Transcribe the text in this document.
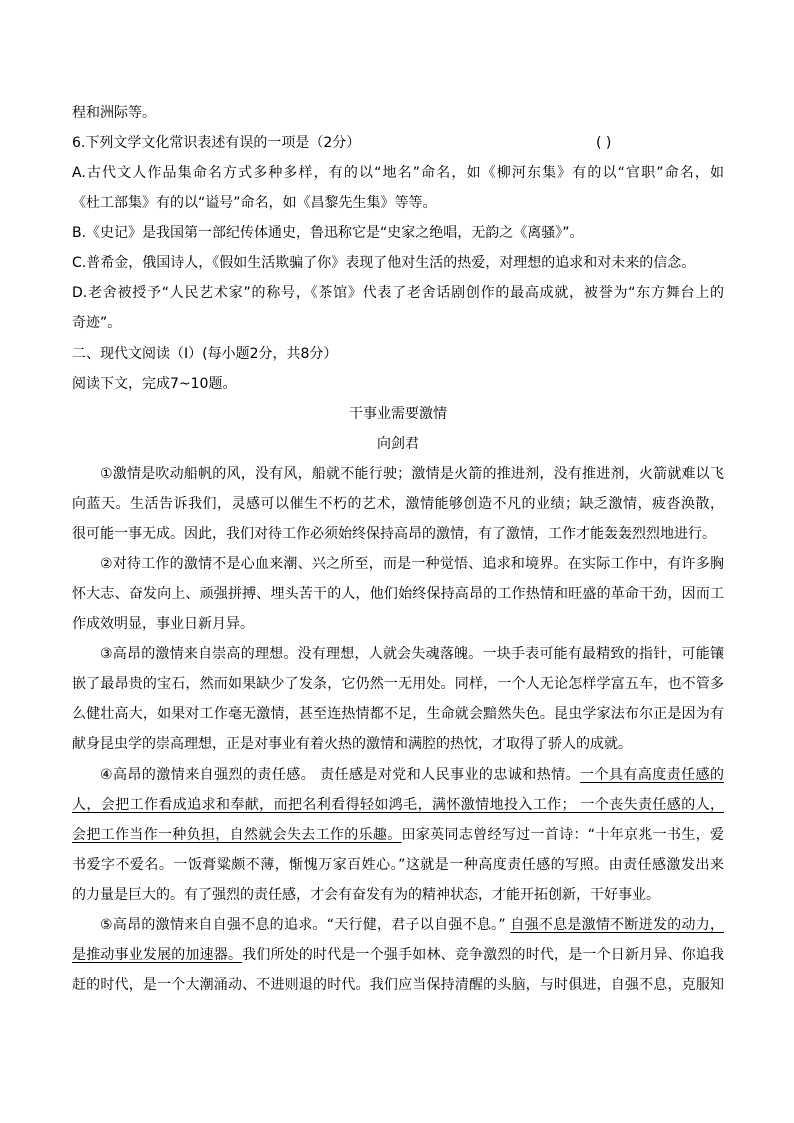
程和洲际等。
6.下列文学文化常识表述有误的一项是（2分）	( )
A.古代文人作品集命名方式多种多样，有的以“地名”命名，如《柳河东集》有的以“官职”命名，如
《杜工部集》有的以“谥号”命名，如《昌黎先生集》等等。
B.《史记》是我国第一部纪传体通史，鲁迅称它是“史家之绝唱，无韵之《离骚》”。
C.普希金，俄国诗人，《假如生活欺骗了你》表现了他对生活的热爱，对理想的追求和对未来的信念。
D.老舍被授予“人民艺术家”的称号，《茶馆》代表了老舍话剧创作的最高成就，被誉为“东方舞台上的
奇迹”。
二、现代文阅读（Ⅰ）(每小题2分，共8分）
阅读下文，完成7~10题。
干事业需要激情
向剑君
①激情是吹动船帆的风，没有风，船就不能行驶；激情是火箭的推进剂，没有推进剂，火箭就难以飞
向蓝天。生活告诉我们，灵感可以催生不朽的艺术，激情能够创造不凡的业绩；缺乏激情，疲沓涣散，
很可能一事无成。因此，我们对待工作必须始终保持高昂的激情，有了激情，工作才能轰轰烈烈地进行。
②对待工作的激情不是心血来潮、兴之所至，而是一种觉悟、追求和境界。在实际工作中，有许多胸
怀大志、奋发向上、顽强拼搏、埋头苦干的人，他们始终保持高昂的工作热情和旺盛的革命干劲，因而工
作成效明显，事业日新月异。
③高昂的激情来自崇高的理想。没有理想，人就会失魂落魄。一块手表可能有最精致的指针，可能镶
嵌了最昂贵的宝石，然而如果缺少了发条，它仍然一无用处。同样，一个人无论怎样学富五车，也不管多
么健壮高大，如果对工作毫无激情，甚至连热情都不足，生命就会黯然失色。昆虫学家法布尔正是因为有
献身昆虫学的崇高理想，正是对事业有着火热的激情和满腔的热忱，才取得了骄人的成就。
④高昂的激情来自强烈的责任感。 责任感是对党和人民事业的忠诚和热情。一个具有高度责任感的
人，会把工作看成追求和奉献，而把名利看得轻如鸿毛，满怀激情地投入工作； 一个丧失责任感的人，
会把工作当作一种负担，自然就会失去工作的乐趣。田家英同志曾经写过一首诗：“十年京兆一书生，爱
书爱字不爱名。一饭膏粱颇不薄，惭愧万家百姓心。”这就是一种高度责任感的写照。由责任感激发出来
的力量是巨大的。有了强烈的责任感，才会有奋发有为的精神状态，才能开拓创新，干好事业。
⑤高昂的激情来自自强不息的追求。“天行健，君子以自强不息。” 自强不息是激情不断迸发的动力，
是推动事业发展的加速器。我们所处的时代是一个强手如林、竞争激烈的时代，是一个日新月异、你追我
赶的时代，是一个大潮涌动、不进则退的时代。我们应当保持清醒的头脑，与时俱进，自强不息，克服知
